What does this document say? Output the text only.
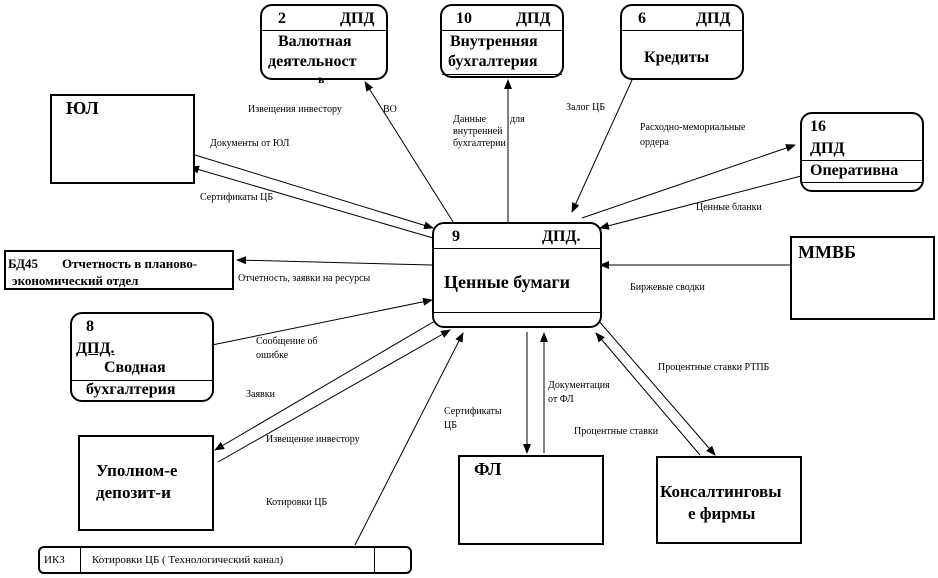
2	ДПД
Валютная
деятельност
ь
10	ДПД
Внутренняя
бухгалтерия
6	ДПД
Кредиты
16
ДПД
Оперативна
9	ДПД.
Ценные бумаги
8
ДПД.
Сводная
бухгалтерия
ЮЛ
ММВБ
Уполном-е
депозит-и
ФЛ
Консалтинговы
е фирмы
БД45 Отчетность в планово-
экономический отдел
ИКЗ Котировки ЦБ ( Технологический канал)
Извещения инвестору	ВО
Данные для
внутренней
бухгалтерии
Залог ЦБ
Расходно-мемориальные
ордера
Документы от ЮЛ
Сертификаты ЦБ
Ценные бланки
Отчетность, заявки на ресурсы
Биржевые сводки
Сообщение об
ошибке
Заявки
Извещение инвестору
Котировки ЦБ
Сертификаты
ЦБ
Документация
от ФЛ
Процентные ставки РТПБ
Процентные ставки
